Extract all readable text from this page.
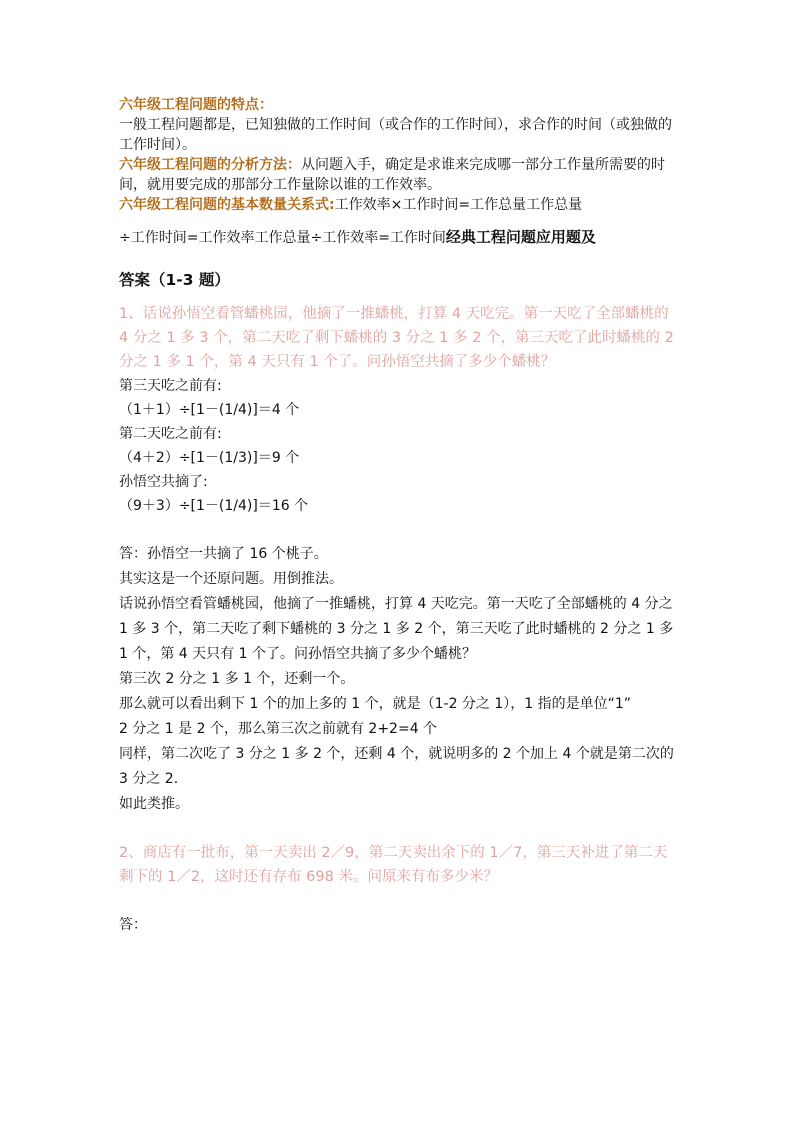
六年级工程问题的特点：

一般工程问题都是，已知独做的工作时间（或合作的工作时间），求合作的时间（或独做的工作时间）。

六年级工程问题的分析方法：从问题入手，确定是求谁来完成哪一部分工作量所需要的时间，就用要完成的那部分工作量除以谁的工作效率。

六年级工程问题的基本数量关系式:工作效率×工作时间=工作总量工作总量

÷工作时间=工作效率工作总量÷工作效率=工作时间经典工程问题应用题及

答案（1-3 题）

1、话说孙悟空看管蟠桃园，他摘了一推蟠桃，打算 4 天吃完。第一天吃了全部蟠桃的 4 分之 1 多 3 个，第二天吃了剩下蟠桃的 3 分之 1 多 2 个，第三天吃了此时蟠桃的 2 分之 1 多 1 个，第 4 天只有 1 个了。问孙悟空共摘了多少个蟠桃？

第三天吃之前有:

（1＋1）÷[1－(1/4)]＝4 个

第二天吃之前有:

（4＋2）÷[1－(1/3)]＝9 个

孙悟空共摘了:

（9＋3）÷[1－(1/4)]＝16 个

答：孙悟空一共摘了 16 个桃子。

其实这是一个还原问题。用倒推法。

话说孙悟空看管蟠桃园，他摘了一推蟠桃，打算 4 天吃完。第一天吃了全部蟠桃的 4 分之 1 多 3 个，第二天吃了剩下蟠桃的 3 分之 1 多 2 个，第三天吃了此时蟠桃的 2 分之 1 多 1 个，第 4 天只有 1 个了。问孙悟空共摘了多少个蟠桃？

第三次 2 分之 1 多 1 个，还剩一个。

那么就可以看出剩下 1 个的加上多的 1 个，就是（1-2 分之 1），1 指的是单位“1”

2 分之 1 是 2 个，那么第三次之前就有 2+2=4 个

同样，第二次吃了 3 分之 1 多 2 个，还剩 4 个，就说明多的 2 个加上 4 个就是第二次的 3 分之 2.

如此类推。

2、商店有一批布，第一天卖出 2／9，第二天卖出余下的 1／7，第三天补进了第二天剩下的 1／2，这时还有存布 698 米。问原来有布多少米？

答：
